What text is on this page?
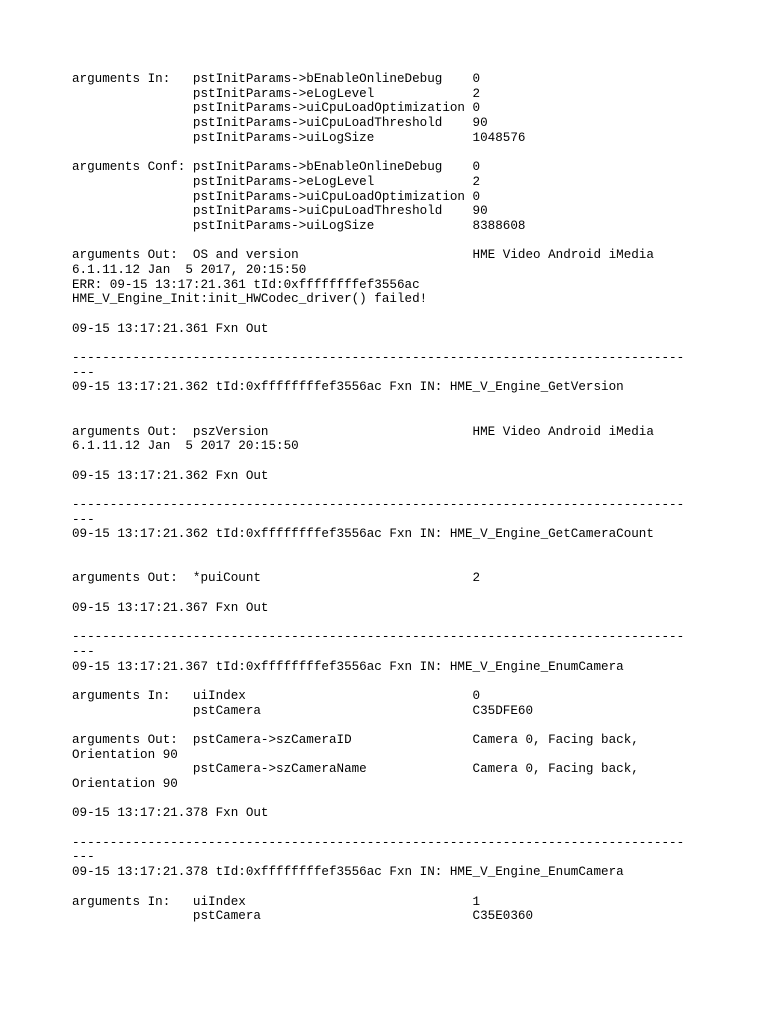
arguments In:   pstInitParams->bEnableOnlineDebug    0
pstInitParams->eLogLevel             2
pstInitParams->uiCpuLoadOptimization 0
pstInitParams->uiCpuLoadThreshold    90
pstInitParams->uiLogSize             1048576
arguments Conf: pstInitParams->bEnableOnlineDebug    0
pstInitParams->eLogLevel             2
pstInitParams->uiCpuLoadOptimization 0
pstInitParams->uiCpuLoadThreshold    90
pstInitParams->uiLogSize             8388608
arguments Out:  OS and version                       HME Video Android iMedia
6.1.11.12 Jan  5 2017, 20:15:50
ERR: 09-15 13:17:21.361 tId:0xffffffffef3556ac
HME_V_Engine_Init:init_HWCodec_driver() failed!
09-15 13:17:21.361 Fxn Out
---------------------------------------------------------------------------------
---
09-15 13:17:21.362 tId:0xffffffffef3556ac Fxn IN: HME_V_Engine_GetVersion
arguments Out:  pszVersion                           HME Video Android iMedia
6.1.11.12 Jan  5 2017 20:15:50
09-15 13:17:21.362 Fxn Out
---------------------------------------------------------------------------------
---
09-15 13:17:21.362 tId:0xffffffffef3556ac Fxn IN: HME_V_Engine_GetCameraCount
arguments Out:  *puiCount                            2
09-15 13:17:21.367 Fxn Out
---------------------------------------------------------------------------------
---
09-15 13:17:21.367 tId:0xffffffffef3556ac Fxn IN: HME_V_Engine_EnumCamera
arguments In:   uiIndex                              0
pstCamera                            C35DFE60
arguments Out:  pstCamera->szCameraID                Camera 0, Facing back,
Orientation 90
pstCamera->szCameraName              Camera 0, Facing back,
Orientation 90
09-15 13:17:21.378 Fxn Out
---------------------------------------------------------------------------------
---
09-15 13:17:21.378 tId:0xffffffffef3556ac Fxn IN: HME_V_Engine_EnumCamera
arguments In:   uiIndex                              1
pstCamera                            C35E0360
